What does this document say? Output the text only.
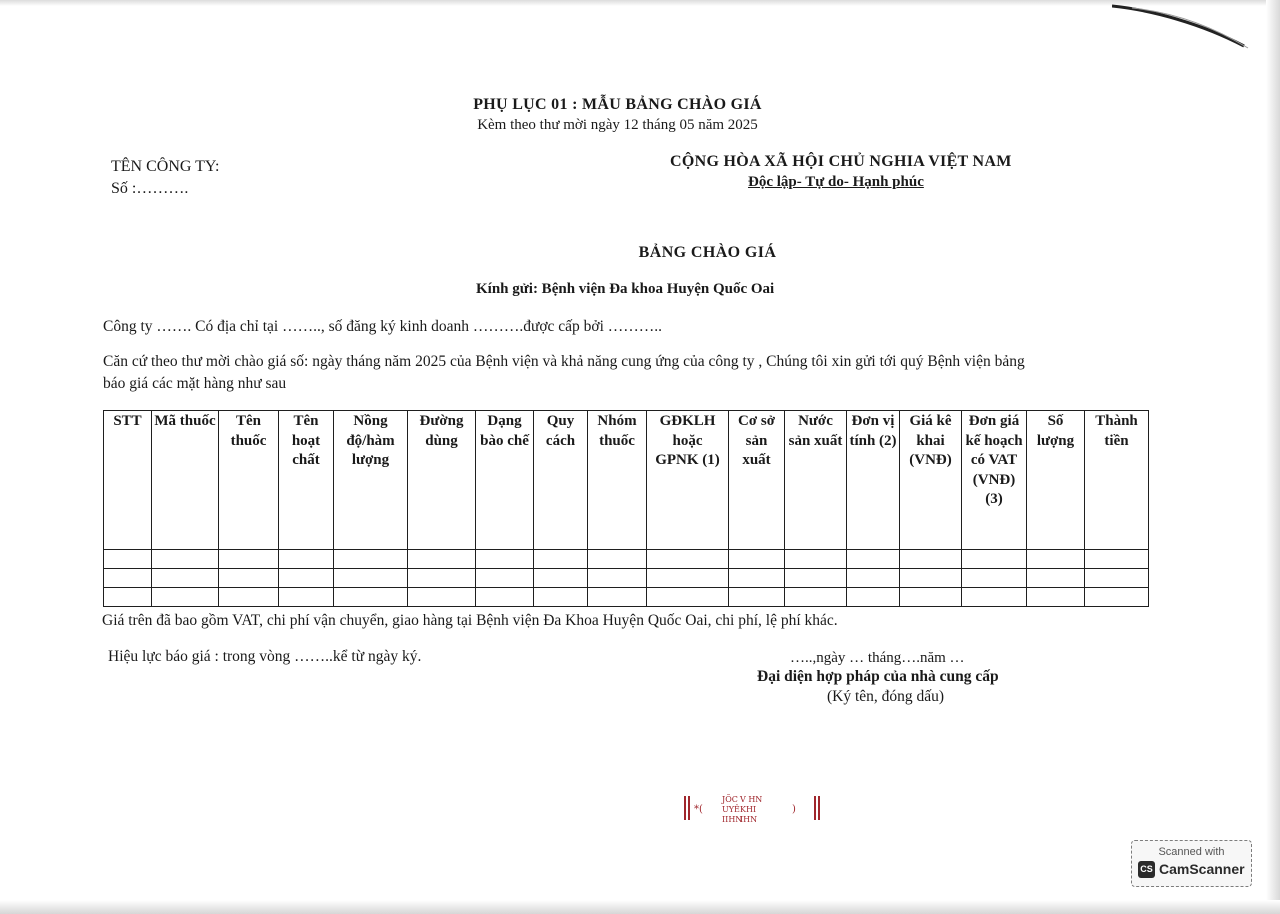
PHỤ LỤC 01 : MẪU BẢNG CHÀO GIÁ
Kèm theo thư mời ngày 12 tháng 05 năm 2025
TÊN CÔNG TY:
Số :……….
CỘNG HÒA XÃ HỘI CHỦ NGHIA VIỆT NAM
Độc lập- Tự do- Hạnh phúc
BẢNG CHÀO GIÁ
Kính gửi: Bệnh viện Đa khoa Huyện Quốc Oai
Công ty ……. Có địa chỉ tại …….., số đăng ký kinh doanh ……….được cấp bởi ………..
Căn cứ theo thư mời chào giá số: ngày tháng năm 2025 của Bệnh viện và khả năng cung ứng của công ty , Chúng tôi xin gửi tới quý Bệnh viện bảng
báo giá các mặt hàng như sau
STT	Mã thuốc	Tên thuốc	Tên hoạt chất	Nồng độ/hàm lượng	Đường dùng	Dạng bào chế	Quy cách	Nhóm thuốc	GĐKLH hoặc GPNK (1)	Cơ sở sản xuất	Nước sản xuất	Đơn vị tính (2)	Giá kê khai (VNĐ)	Đơn giá kế hoạch có VAT (VNĐ) (3)	Số lượng	Thành tiền

Giá trên đã bao gồm VAT, chi phí vận chuyển, giao hàng tại Bệnh viện Đa Khoa Huyện Quốc Oai, chi phí, lệ phí khác.
Hiệu lực báo giá : trong vòng ……..kể từ ngày ký.	…..,ngày … tháng….năm …
Đại diện hợp pháp của nhà cung cấp
(Ký tên, đóng dấu)
*(
JÕC
UYÊ
IIHN
V HN
KHI
IHN
)
Scanned with
CS CamScanner
